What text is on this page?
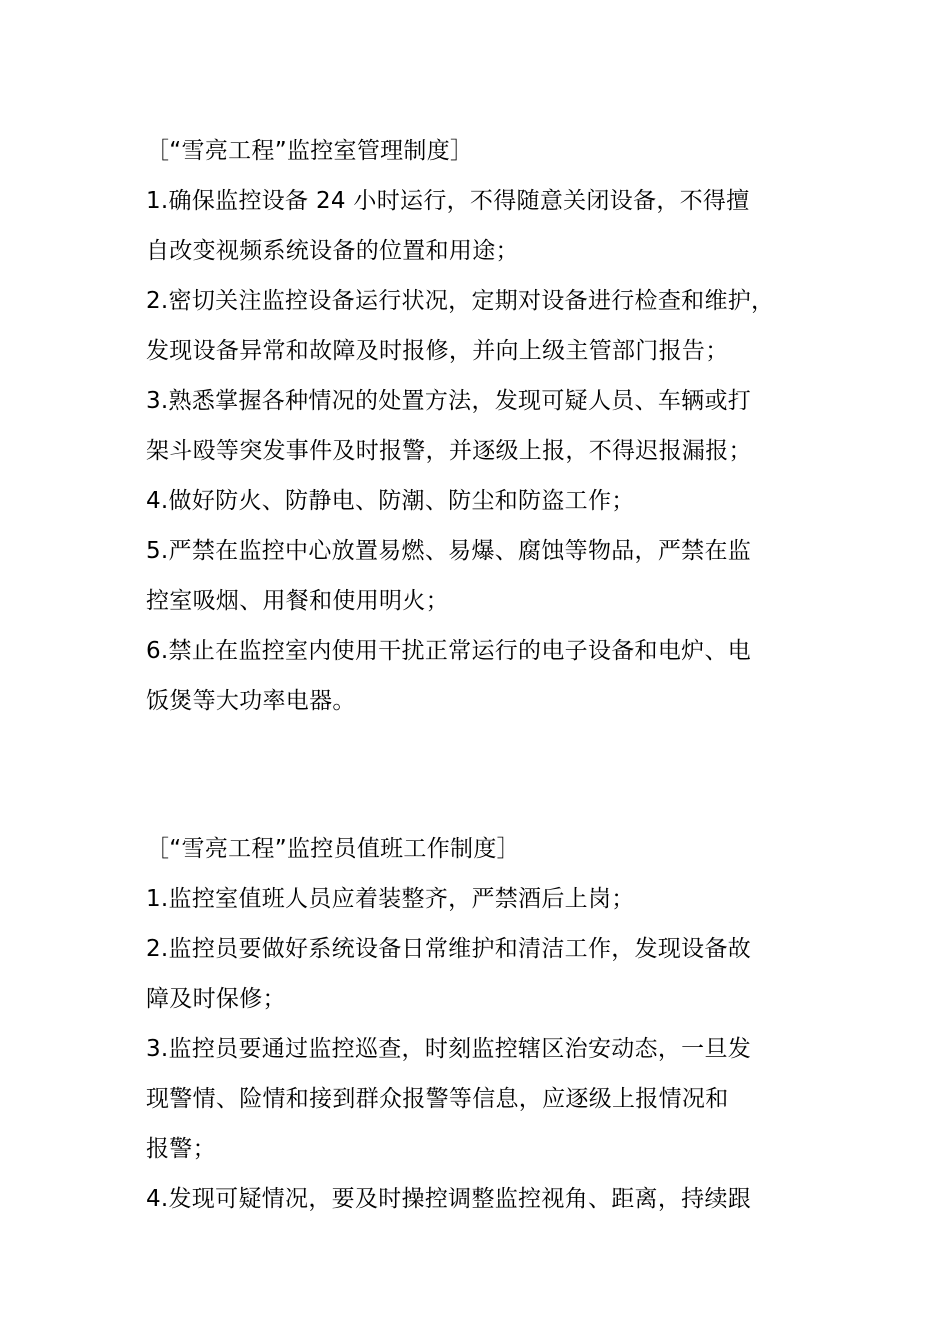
［“雪亮工程”监控室管理制度］
1.确保监控设备 24 小时运行，不得随意关闭设备，不得擅
自改变视频系统设备的位置和用途；
2.密切关注监控设备运行状况，定期对设备进行检查和维护，
发现设备异常和故障及时报修，并向上级主管部门报告；
3.熟悉掌握各种情况的处置方法，发现可疑人员、车辆或打
架斗殴等突发事件及时报警，并逐级上报，不得迟报漏报；
4.做好防火、防静电、防潮、防尘和防盗工作；
5.严禁在监控中心放置易燃、易爆、腐蚀等物品，严禁在监
控室吸烟、用餐和使用明火；
6.禁止在监控室内使用干扰正常运行的电子设备和电炉、电
饭煲等大功率电器。
［“雪亮工程”监控员值班工作制度］
1.监控室值班人员应着装整齐，严禁酒后上岗；
2.监控员要做好系统设备日常维护和清洁工作，发现设备故
障及时保修；
3.监控员要通过监控巡查，时刻监控辖区治安动态，一旦发
现警情、险情和接到群众报警等信息，应逐级上报情况和
报警；
4.发现可疑情况，要及时操控调整监控视角、距离，持续跟
